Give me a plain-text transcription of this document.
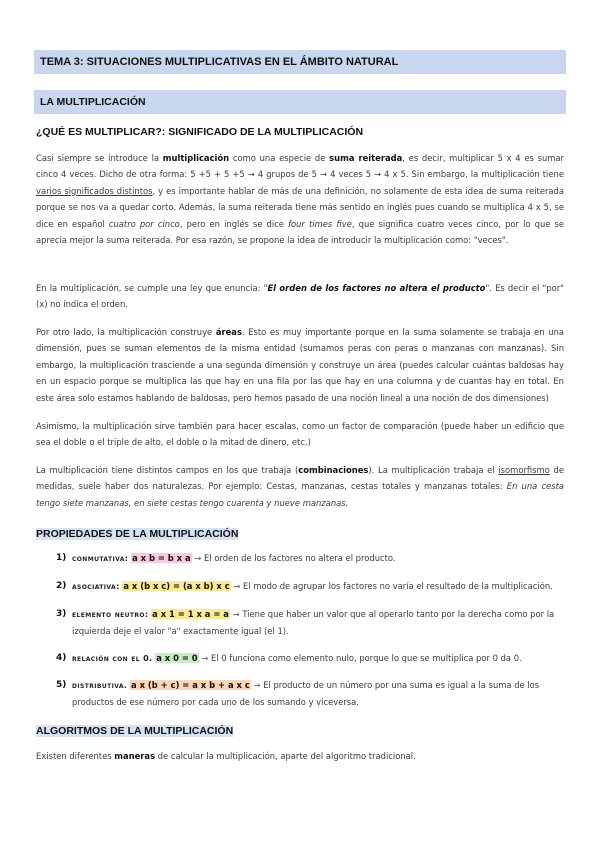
TEMA 3: SITUACIONES MULTIPLICATIVAS EN EL ÁMBITO NATURAL
LA MULTIPLICACIÓN
¿QUÉ ES MULTIPLICAR?: SIGNIFICADO DE LA MULTIPLICACIÓN
Casi siempre se introduce la multiplicación como una especie de suma reiterada, es decir, multiplicar 5 x 4 es sumar cinco 4 veces. Dicho de otra forma: 5 +5 + 5 +5 → 4 grupos de 5 → 4 veces 5 → 4 x 5. Sin embargo, la multiplicación tiene varios significados distintos, y es importante hablar de más de una definición, no solamente de esta idea de suma reiterada porque se nos va a quedar corto. Además, la suma reiterada tiene más sentido en inglés pues cuando se multiplica 4 x 5, se dice en español cuatro por cinco, pero en inglés se dice four times five, que significa cuatro veces cinco, por lo que se aprecia mejor la suma reiterada. Por esa razón, se propone la idea de introducir la multiplicación como: "veces".
En la multiplicación, se cumple una ley que enuncia: "El orden de los factores no altera el producto". Es decir el "por" (x) no indica el orden.
Por otro lado, la multiplicación construye áreas. Esto es muy importante porque en la suma solamente se trabaja en una dimensión, pues se suman elementos de la misma entidad (sumamos peras con peras o manzanas con manzanas). Sin embargo, la multiplicación trasciende a una segunda dimensión y construye un área (puedes calcular cuántas baldosas hay en un espacio porque se multiplica las que hay en una fila por las que hay en una columna y de cuantas hay en total. En este área solo estamos hablando de baldosas, pero hemos pasado de una noción lineal a una noción de dos dimensiones)
Asimismo, la multiplicación sirve también para hacer escalas, como un factor de comparación (puede haber un edificio que sea el doble o el triple de alto, el doble o la mitad de dinero, etc.)
La multiplicación tiene distintos campos en los que trabaja (combinaciones). La multiplicación trabaja el isomorfismo de medidas, suele haber dos naturalezas. Por ejemplo: Cestas, manzanas, cestas totales y manzanas totales: En una cesta tengo siete manzanas, en siete cestas tengo cuarenta y nueve manzanas.
PROPIEDADES DE LA MULTIPLICACIÓN
1) conmutativa: a x b = b x a → El orden de los factores no altera el producto.
2) asociativa: a x (b x c) = (a x b) x c → El modo de agrupar los factores no varía el resultado de la multiplicación.
3) elemento neutro: a x 1 = 1 x a = a → Tiene que haber un valor que al operarlo tanto por la derecha como por la izquierda deje el valor "a" exactamente igual (el 1).
4) relación con el 0. a x 0 = 0 → El 0 funciona como elemento nulo, porque lo que se multiplica por 0 da 0.
5) distributiva. a x (b + c) = a x b + a x c → El producto de un número por una suma es igual a la suma de los productos de ese número por cada uno de los sumando y viceversa.
ALGORITMOS DE LA MULTIPLICACIÓN
Existen diferentes maneras de calcular la multiplicación, aparte del algoritmo tradicional.
